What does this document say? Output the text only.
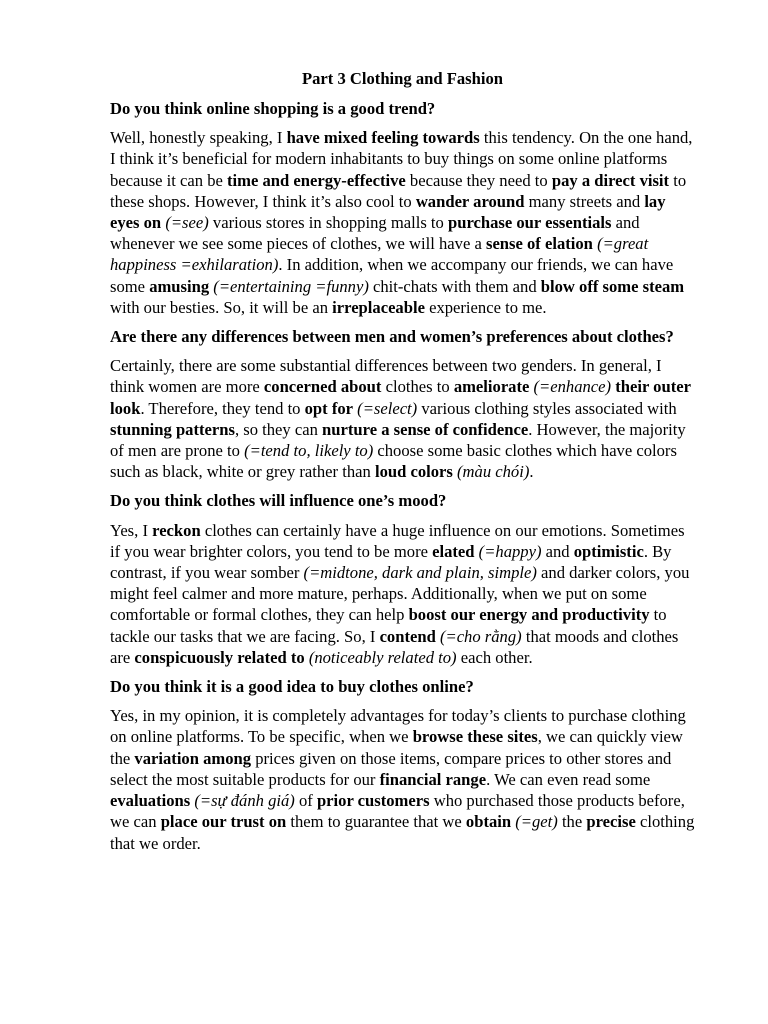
Part 3 Clothing and Fashion
Do you think online shopping is a good trend?
Well, honestly speaking, I have mixed feeling towards this tendency. On the one hand, I think it’s beneficial for modern inhabitants to buy things on some online platforms because it can be time and energy-effective because they need to pay a direct visit to these shops. However, I think it’s also cool to wander around many streets and lay eyes on (=see) various stores in shopping malls to purchase our essentials and whenever we see some pieces of clothes, we will have a sense of elation (=great happiness =exhilaration). In addition, when we accompany our friends, we can have some amusing (=entertaining =funny) chit-chats with them and blow off some steam with our besties. So, it will be an irreplaceable experience to me.
Are there any differences between men and women’s preferences about clothes?
Certainly, there are some substantial differences between two genders. In general, I think women are more concerned about clothes to ameliorate (=enhance) their outer look. Therefore, they tend to opt for (=select) various clothing styles associated with stunning patterns, so they can nurture a sense of confidence. However, the majority of men are prone to (=tend to, likely to) choose some basic clothes which have colors such as black, white or grey rather than loud colors (màu chói).
Do you think clothes will influence one’s mood?
Yes, I reckon clothes can certainly have a huge influence on our emotions. Sometimes if you wear brighter colors, you tend to be more elated (=happy) and optimistic. By contrast, if you wear somber (=midtone, dark and plain, simple) and darker colors, you might feel calmer and more mature, perhaps. Additionally, when we put on some comfortable or formal clothes, they can help boost our energy and productivity to tackle our tasks that we are facing. So, I contend (=cho rằng) that moods and clothes are conspicuously related to (noticeably related to) each other.
Do you think it is a good idea to buy clothes online?
Yes, in my opinion, it is completely advantages for today’s clients to purchase clothing on online platforms. To be specific, when we browse these sites, we can quickly view the variation among prices given on those items, compare prices to other stores and select the most suitable products for our financial range. We can even read some evaluations (=sự đánh giá) of prior customers who purchased those products before, we can place our trust on them to guarantee that we obtain (=get) the precise clothing that we order.
